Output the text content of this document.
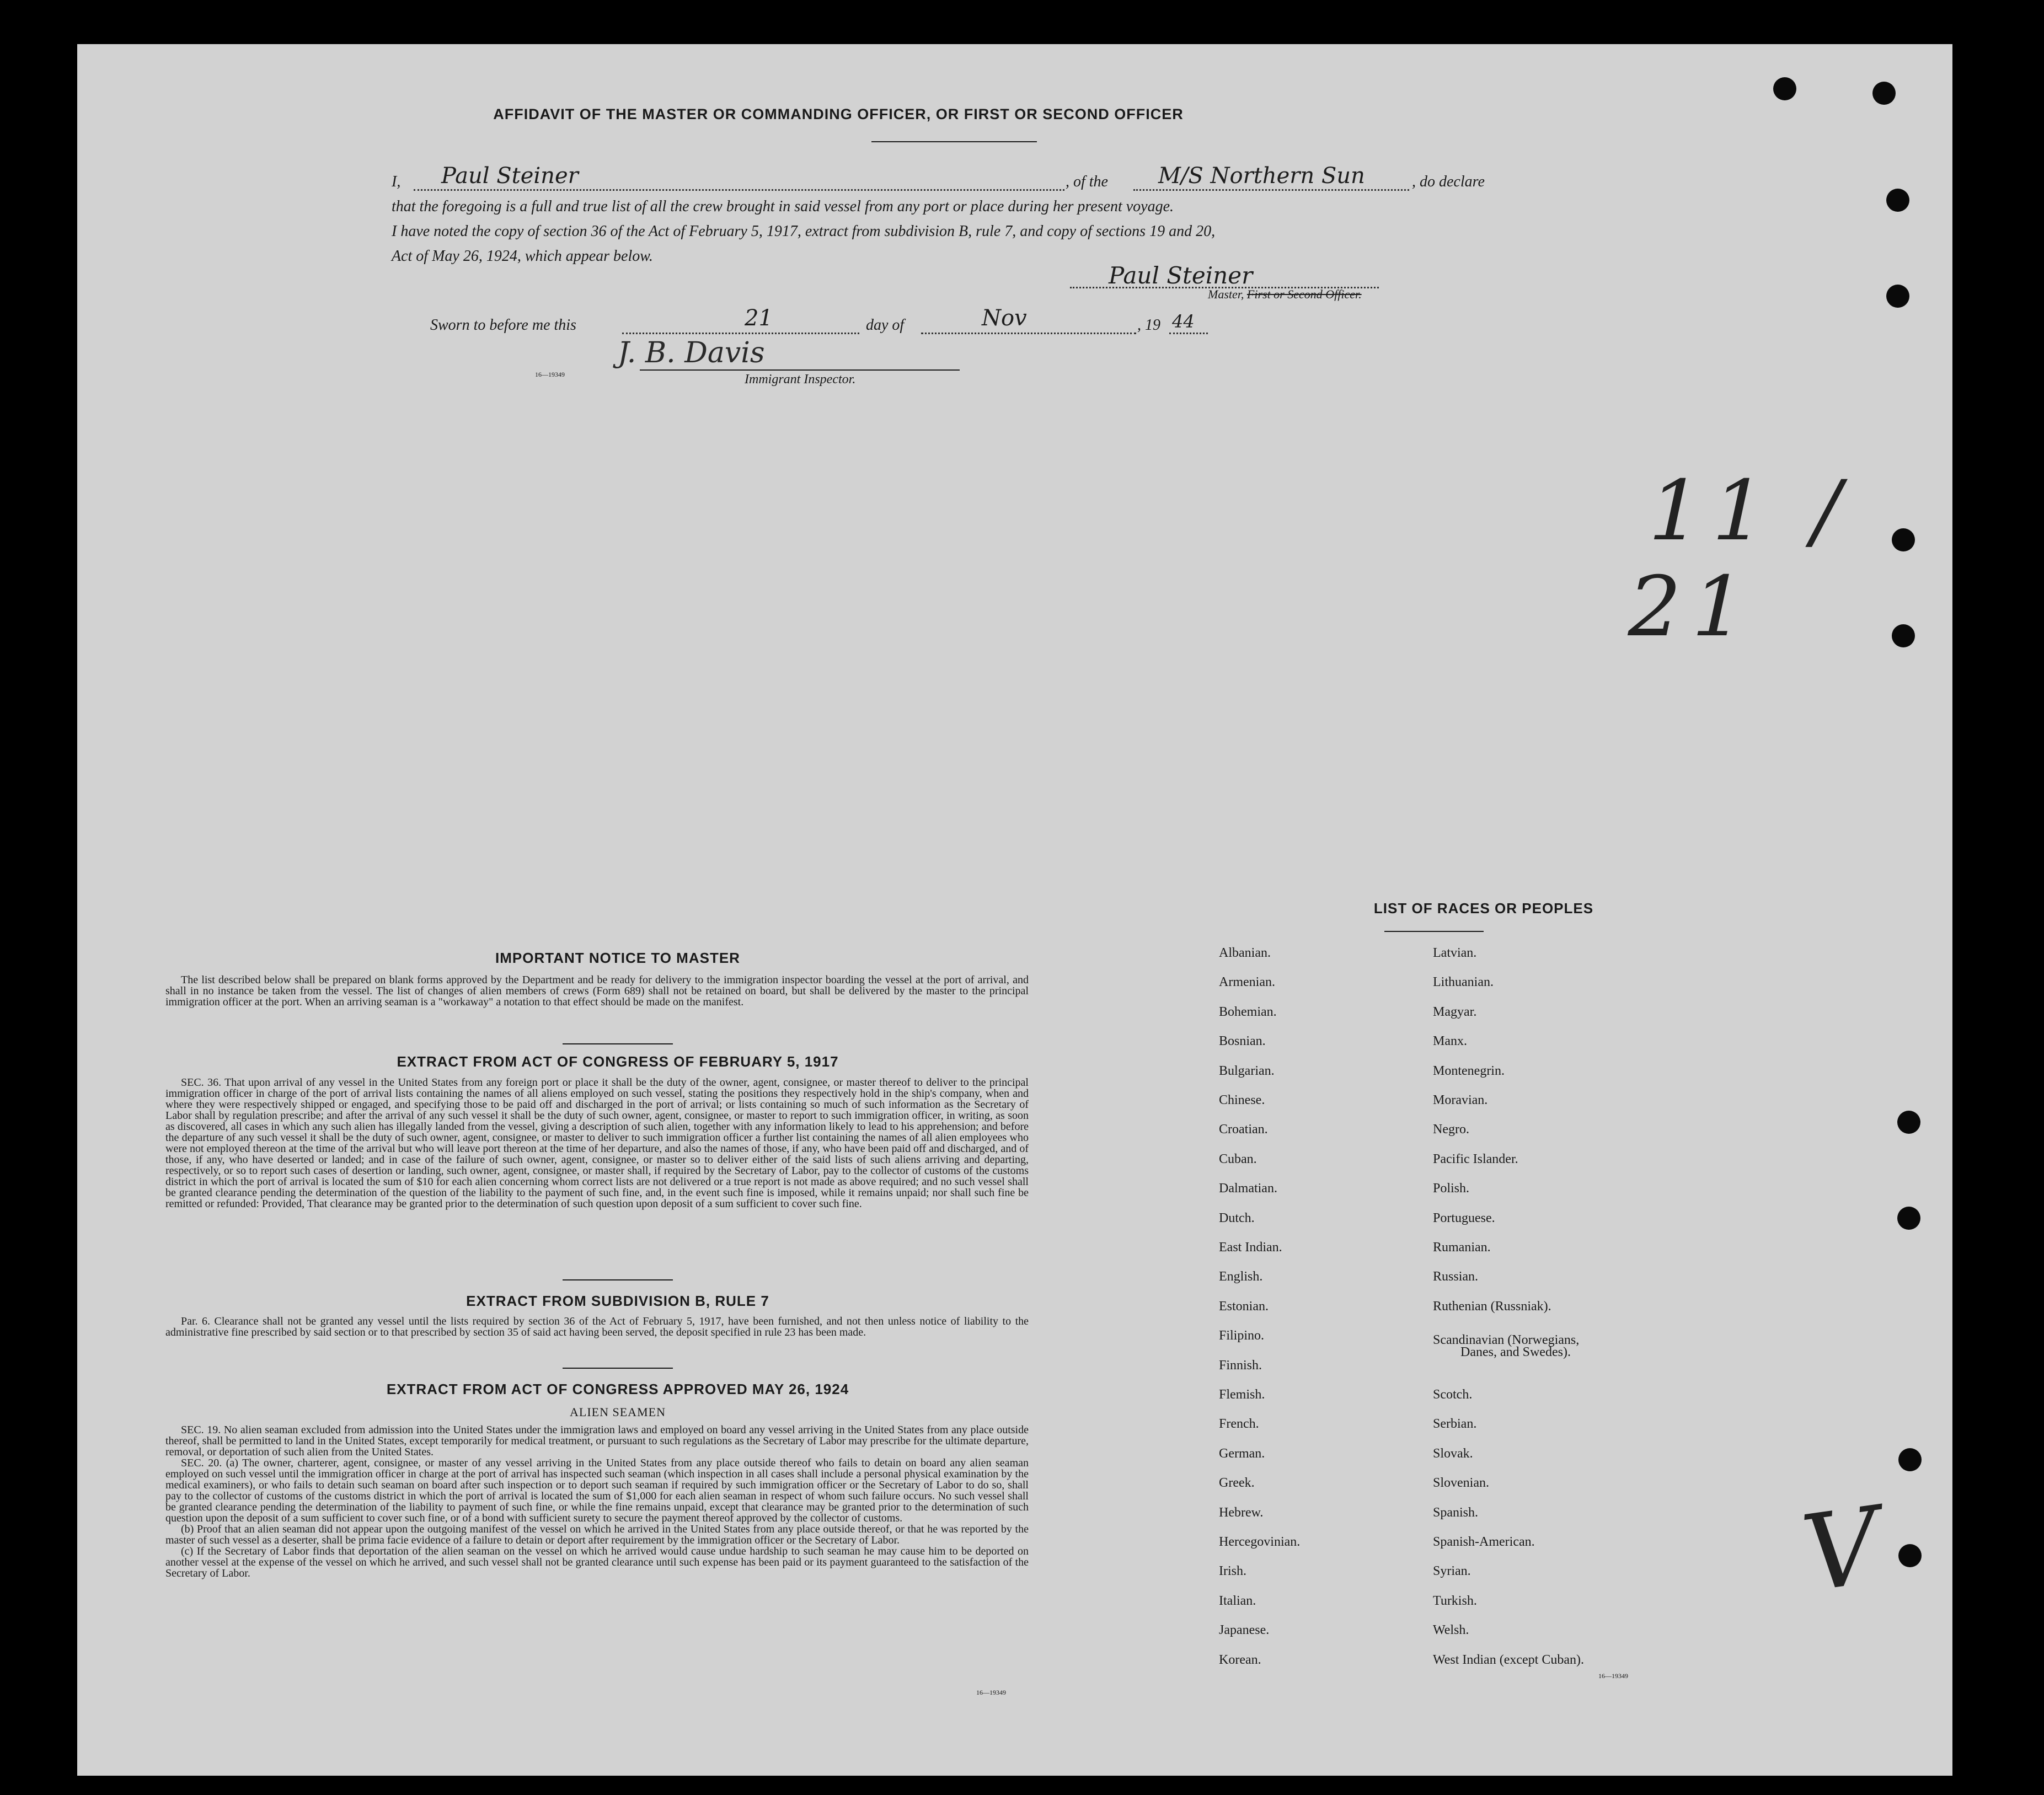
AFFIDAVIT OF THE MASTER OR COMMANDING OFFICER, OR FIRST OR SECOND OFFICER
I, Paul Steiner	, of the M/S Northern Sun	, do declare
that the foregoing is a full and true list of all the crew brought in said vessel from any port or place during her present voyage.
I have noted the copy of section 36 of the Act of February 5, 1917, extract from subdivision B, rule 7, and copy of sections 19 and 20,
Act of May 26, 1924, which appear below.
Paul Steiner
Master, First or Second Officer.
Sworn to before me this	21	day of	Nov	, 19 44
J. B. Davis
16—19349	Immigrant Inspector.
11 / 21
V
IMPORTANT NOTICE TO MASTER

The list described below shall be prepared on blank forms approved by the Department and be ready for delivery to the immigration inspector boarding the vessel at the port of arrival, and shall in no instance be taken from the vessel. The list of changes of alien members of crews (Form 689) shall not be retained on board, but shall be delivered by the master to the principal immigration officer at the port. When an arriving seaman is a "workaway" a notation to that effect should be made on the manifest.

EXTRACT FROM ACT OF CONGRESS OF FEBRUARY 5, 1917

SEC. 36. That upon arrival of any vessel in the United States from any foreign port or place it shall be the duty of the owner, agent, consignee, or master thereof to deliver to the principal immigration officer in charge of the port of arrival lists containing the names of all aliens employed on such vessel, stating the positions they respectively hold in the ship's company, when and where they were respectively shipped or engaged, and specifying those to be paid off and discharged in the port of arrival; or lists containing so much of such information as the Secretary of Labor shall by regulation prescribe; and after the arrival of any such vessel it shall be the duty of such owner, agent, consignee, or master to report to such immigration officer, in writing, as soon as discovered, all cases in which any such alien has illegally landed from the vessel, giving a description of such alien, together with any information likely to lead to his apprehension; and before the departure of any such vessel it shall be the duty of such owner, agent, consignee, or master to deliver to such immigration officer a further list containing the names of all alien employees who were not employed thereon at the time of the arrival but who will leave port thereon at the time of her departure, and also the names of those, if any, who have been paid off and discharged, and of those, if any, who have deserted or landed; and in case of the failure of such owner, agent, consignee, or master so to deliver either of the said lists of such aliens arriving and departing, respectively, or so to report such cases of desertion or landing, such owner, agent, consignee, or master shall, if required by the Secretary of Labor, pay to the collector of customs of the customs district in which the port of arrival is located the sum of $10 for each alien concerning whom correct lists are not delivered or a true report is not made as above required; and no such vessel shall be granted clearance pending the determination of the question of the liability to the payment of such fine, and, in the event such fine is imposed, while it remains unpaid; nor shall such fine be remitted or refunded: Provided, That clearance may be granted prior to the determination of such question upon deposit of a sum sufficient to cover such fine.

EXTRACT FROM SUBDIVISION B, RULE 7

Par. 6. Clearance shall not be granted any vessel until the lists required by section 36 of the Act of February 5, 1917, have been furnished, and not then unless notice of liability to the administrative fine prescribed by said section or to that prescribed by section 35 of said act having been served, the deposit specified in rule 23 has been made.

EXTRACT FROM ACT OF CONGRESS APPROVED MAY 26, 1924
ALIEN SEAMEN

SEC. 19. No alien seaman excluded from admission into the United States under the immigration laws and employed on board any vessel arriving in the United States from any place outside thereof, shall be permitted to land in the United States, except temporarily for medical treatment, or pursuant to such regulations as the Secretary of Labor may prescribe for the ultimate departure, removal, or deportation of such alien from the United States.

SEC. 20. (a) The owner, charterer, agent, consignee, or master of any vessel arriving in the United States from any place outside thereof who fails to detain on board any alien seaman employed on such vessel until the immigration officer in charge at the port of arrival has inspected such seaman (which inspection in all cases shall include a personal physical examination by the medical examiners), or who fails to detain such seaman on board after such inspection or to deport such seaman if required by such immigration officer or the Secretary of Labor to do so, shall pay to the collector of customs of the customs district in which the port of arrival is located the sum of $1,000 for each alien seaman in respect of whom such failure occurs. No such vessel shall be granted clearance pending the determination of the liability to payment of such fine, or while the fine remains unpaid, except that clearance may be granted prior to the determination of such question upon the deposit of a sum sufficient to cover such fine, or of a bond with sufficient surety to secure the payment thereof approved by the collector of customs.

(b) Proof that an alien seaman did not appear upon the outgoing manifest of the vessel on which he arrived in the United States from any place outside thereof, or that he was reported by the master of such vessel as a deserter, shall be prima facie evidence of a failure to detain or deport after requirement by the immigration officer or the Secretary of Labor.

(c) If the Secretary of Labor finds that deportation of the alien seaman on the vessel on which he arrived would cause undue hardship to such seaman he may cause him to be deported on another vessel at the expense of the vessel on which he arrived, and such vessel shall not be granted clearance until such expense has been paid or its payment guaranteed to the satisfaction of the Secretary of Labor.

16—19349
LIST OF RACES OR PEOPLES
16—19349
Albanian.
Armenian.
Bohemian.
Bosnian.
Bulgarian.
Chinese.
Croatian.
Cuban.
Dalmatian.
Dutch.
East Indian.
English.
Estonian.
Filipino.
Finnish.
Flemish.
French.
German.
Greek.
Hebrew.
Hercegovinian.
Irish.
Italian.
Japanese.
Korean.
Latvian.
Lithuanian.
Magyar.
Manx.
Montenegrin.
Moravian.
Negro.
Pacific Islander.
Polish.
Portuguese.
Rumanian.
Russian.
Ruthenian (Russniak).
Scandinavian (Norwegians,
Danes, and Swedes).
Scotch.
Serbian.
Slovak.
Slovenian.
Spanish.
Spanish-American.
Syrian.
Turkish.
Welsh.
West Indian (except Cuban).
